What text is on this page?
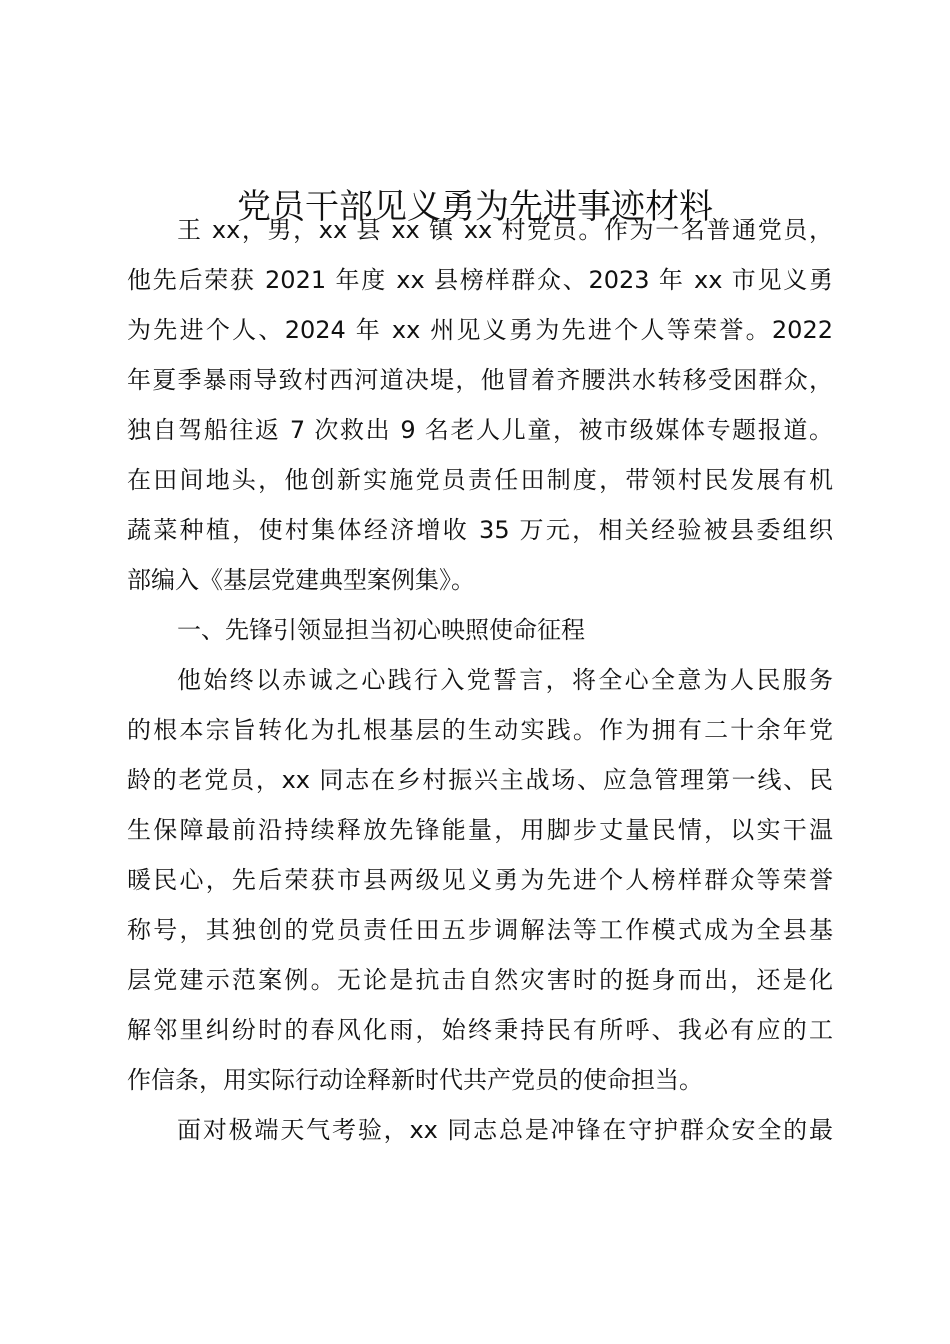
党员干部见义勇为先进事迹材料

王 xx，男，xx 县 xx 镇 xx 村党员。作为一名普通党员，
他先后荣获 2021 年度 xx 县榜样群众、2023 年 xx 市见义勇
为先进个人、2024 年 xx 州见义勇为先进个人等荣誉。2022
年夏季暴雨导致村西河道决堤，他冒着齐腰洪水转移受困群众，
独自驾船往返 7 次救出 9 名老人儿童，被市级媒体专题报道。
在田间地头，他创新实施党员责任田制度，带领村民发展有机
蔬菜种植，使村集体经济增收 35 万元，相关经验被县委组织
部编入《基层党建典型案例集》。

一、先锋引领显担当初心映照使命征程

他始终以赤诚之心践行入党誓言，将全心全意为人民服务
的根本宗旨转化为扎根基层的生动实践。作为拥有二十余年党
龄的老党员，xx 同志在乡村振兴主战场、应急管理第一线、民
生保障最前沿持续释放先锋能量，用脚步丈量民情，以实干温
暖民心，先后荣获市县两级见义勇为先进个人榜样群众等荣誉
称号，其独创的党员责任田五步调解法等工作模式成为全县基
层党建示范案例。无论是抗击自然灾害时的挺身而出，还是化
解邻里纠纷时的春风化雨，始终秉持民有所呼、我必有应的工
作信条，用实际行动诠释新时代共产党员的使命担当。

面对极端天气考验，xx 同志总是冲锋在守护群众安全的最
